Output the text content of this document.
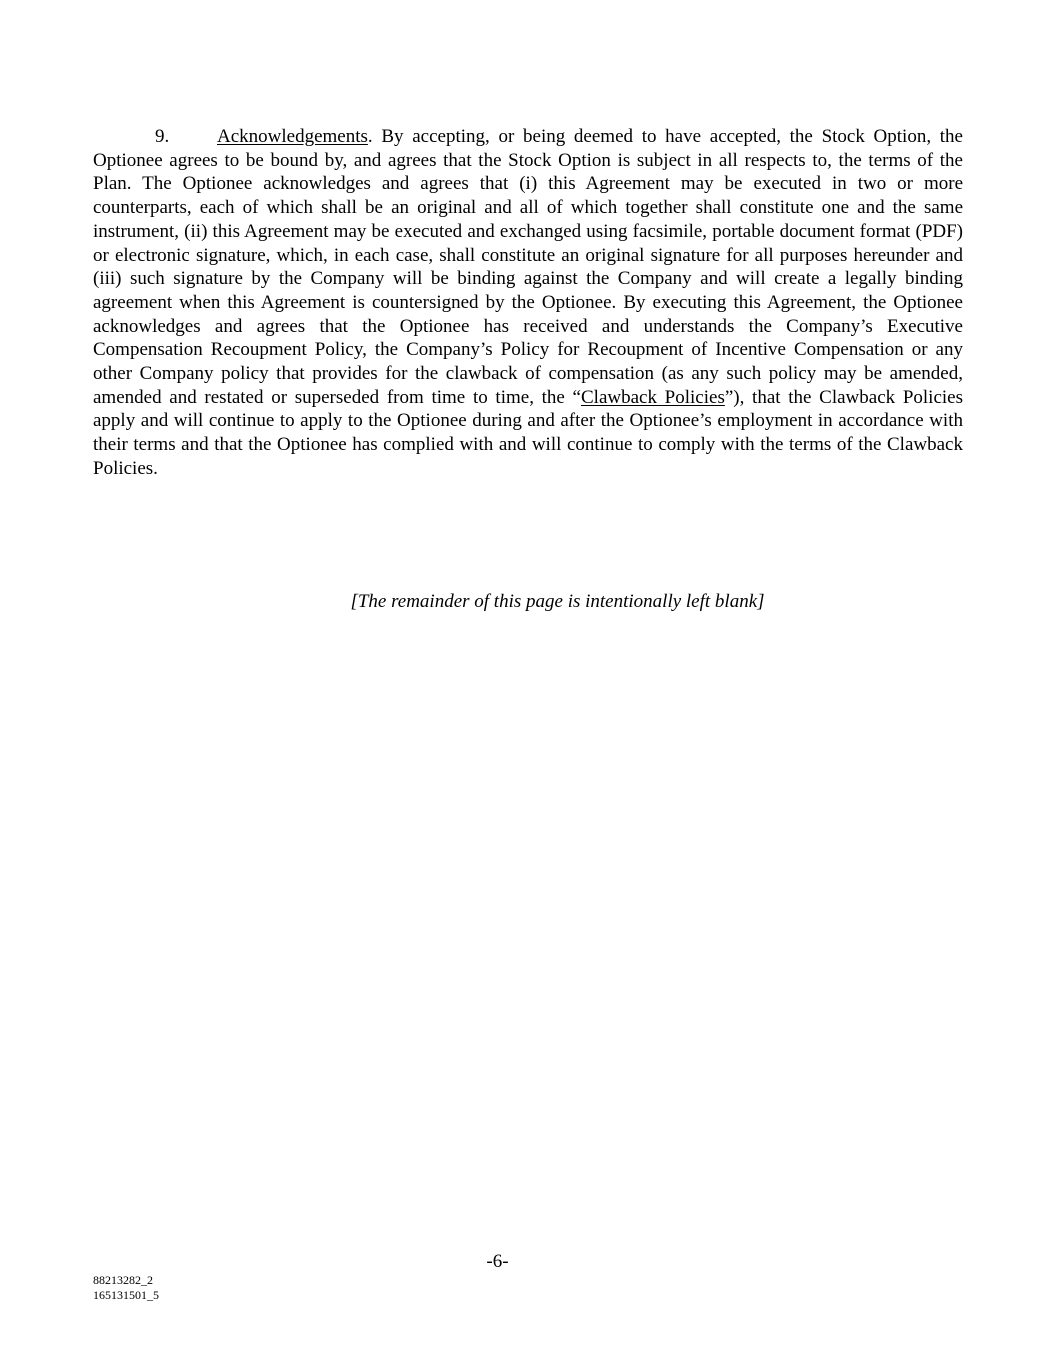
9.	Acknowledgements. By accepting, or being deemed to have accepted, the Stock Option, the Optionee agrees to be bound by, and agrees that the Stock Option is subject in all respects to, the terms of the Plan. The Optionee acknowledges and agrees that (i) this Agreement may be executed in two or more counterparts, each of which shall be an original and all of which together shall constitute one and the same instrument, (ii) this Agreement may be executed and exchanged using facsimile, portable document format (PDF) or electronic signature, which, in each case, shall constitute an original signature for all purposes hereunder and (iii) such signature by the Company will be binding against the Company and will create a legally binding agreement when this Agreement is countersigned by the Optionee. By executing this Agreement, the Optionee acknowledges and agrees that the Optionee has received and understands the Company’s Executive Compensation Recoupment Policy, the Company’s Policy for Recoupment of Incentive Compensation or any other Company policy that provides for the clawback of compensation (as any such policy may be amended, amended and restated or superseded from time to time, the “Clawback Policies”), that the Clawback Policies apply and will continue to apply to the Optionee during and after the Optionee’s employment in accordance with their terms and that the Optionee has complied with and will continue to comply with the terms of the Clawback Policies.

[The remainder of this page is intentionally left blank]
-6-
88213282_2
165131501_5
